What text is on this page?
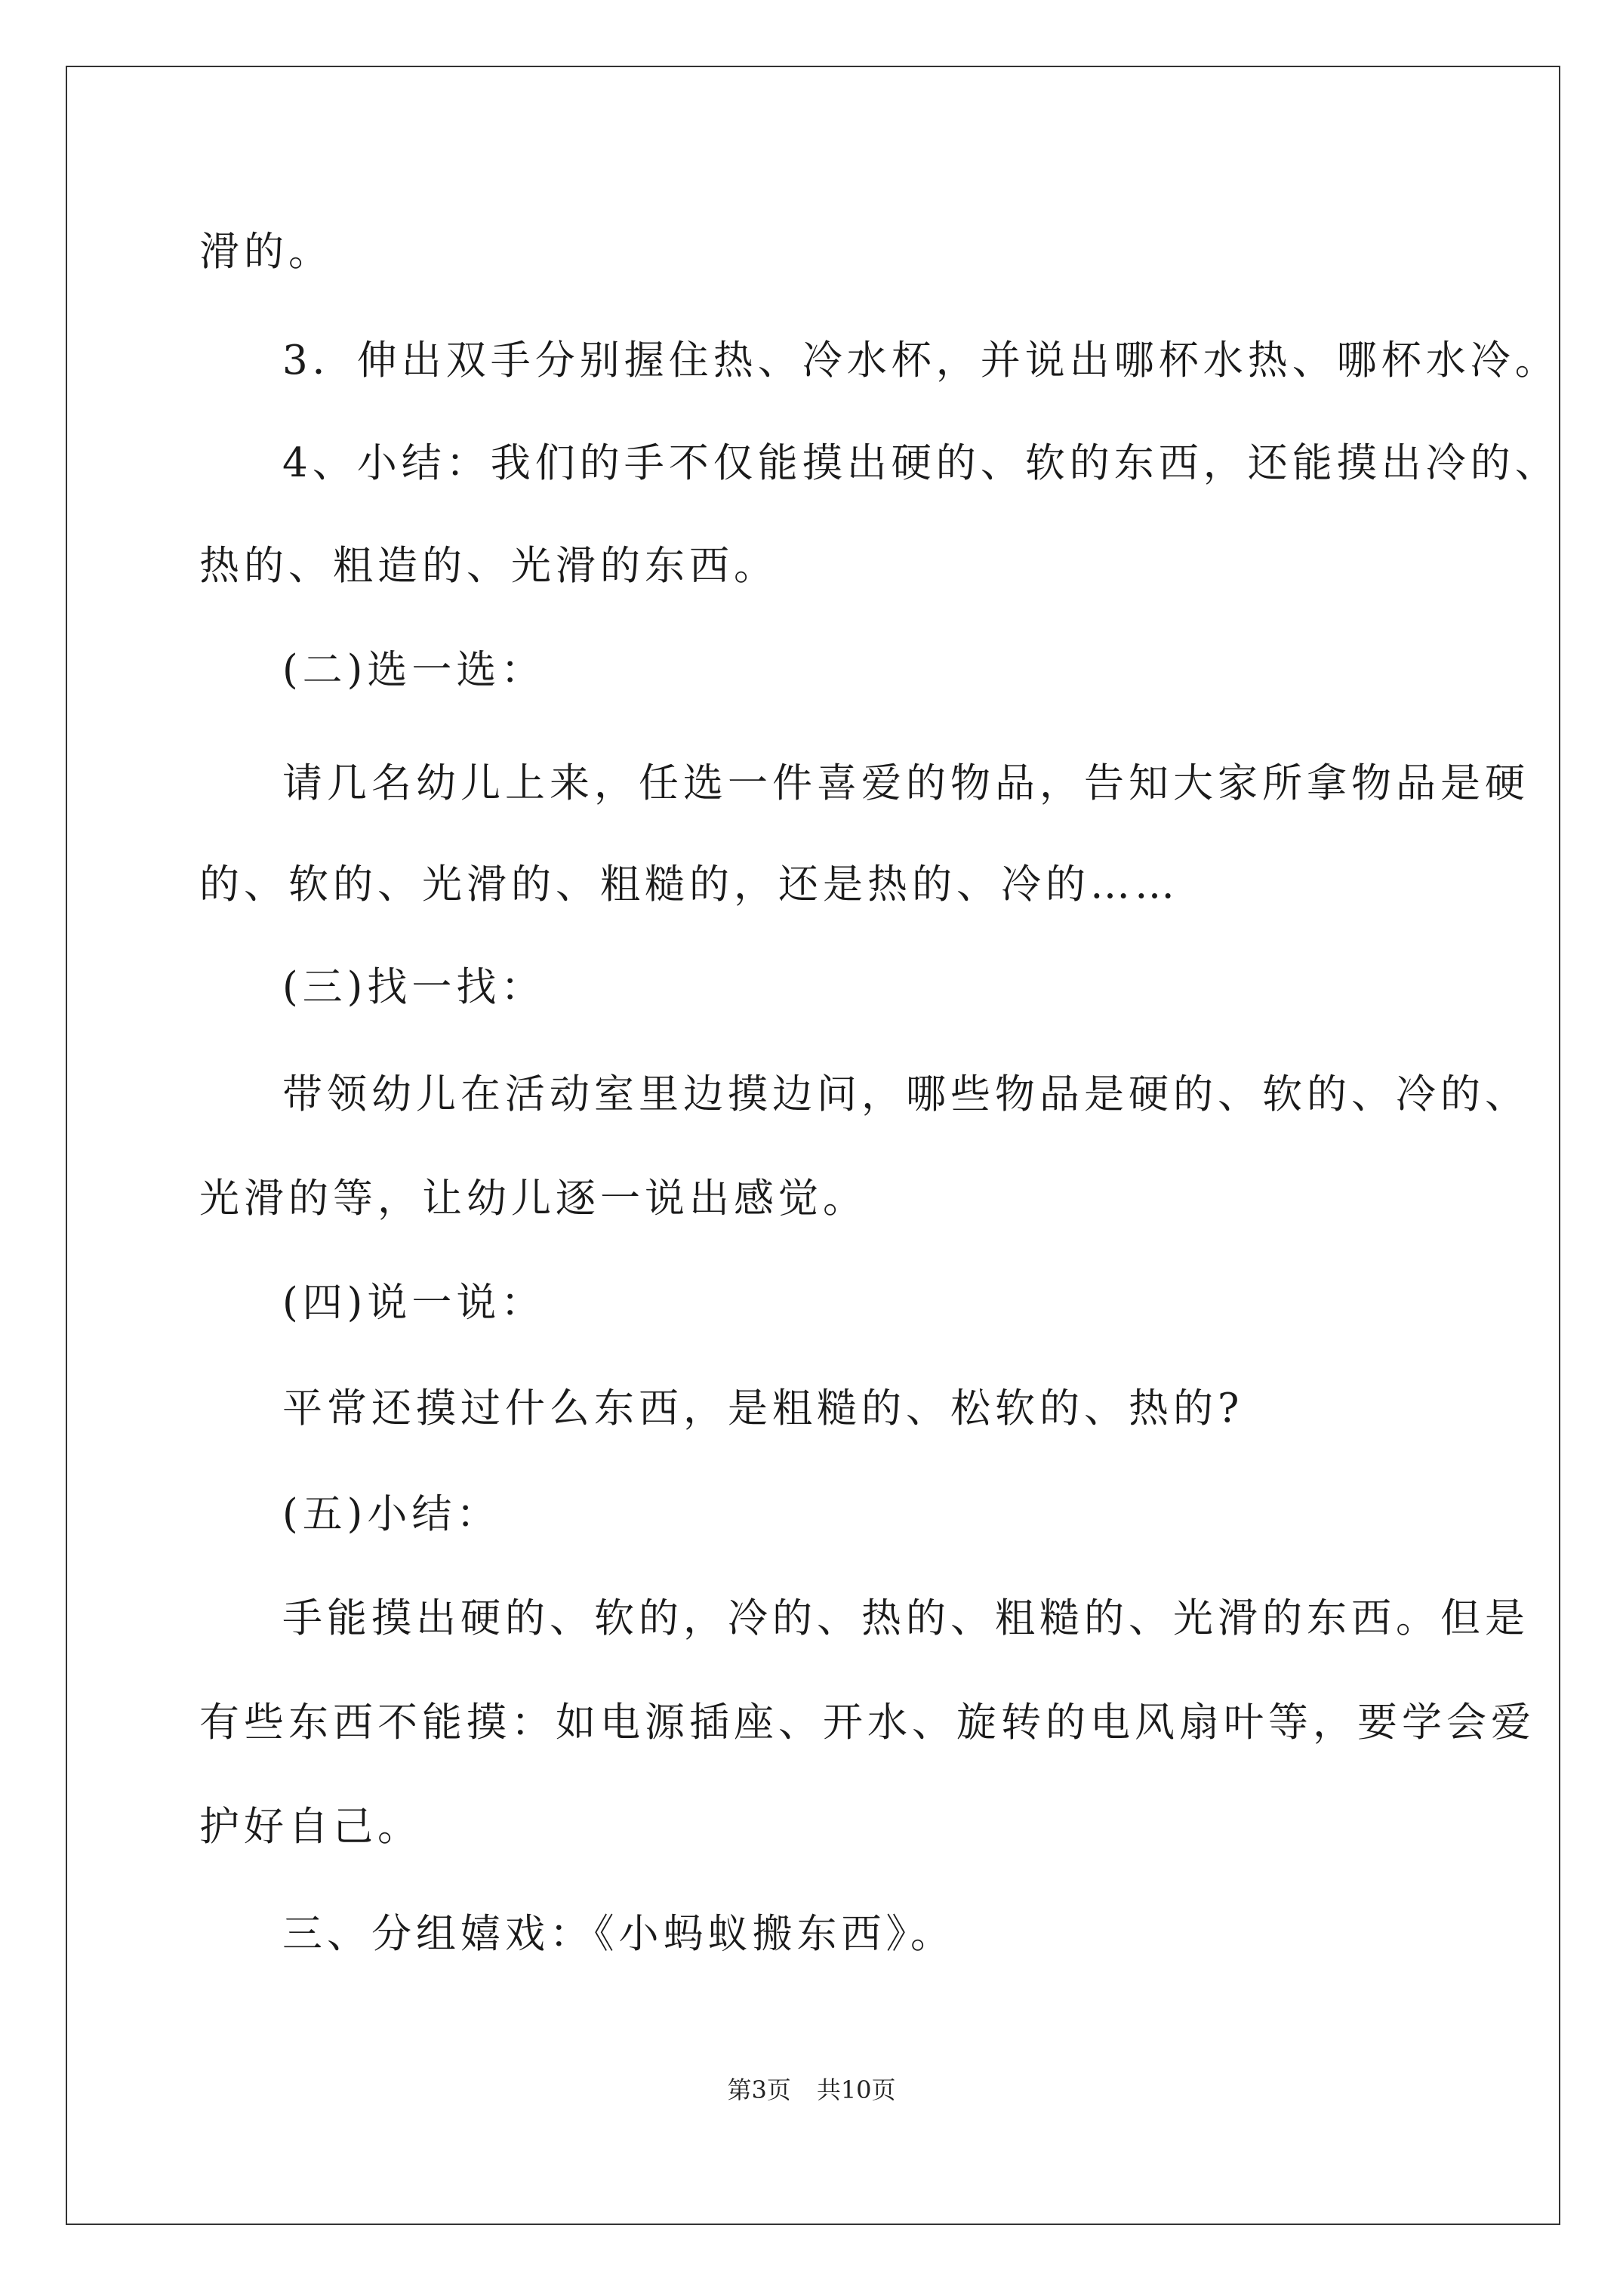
滑的。
3．伸出双手分别握住热、冷水杯，并说出哪杯水热、哪杯水冷。
4、小结：我们的手不仅能摸出硬的、软的东西，还能摸出冷的、
热的、粗造的、光滑的东西。
(二)选一选：
请几名幼儿上来，任选一件喜爱的物品，告知大家所拿物品是硬
的、软的、光滑的、粗糙的，还是热的、冷的……
(三)找一找：
带领幼儿在活动室里边摸边问，哪些物品是硬的、软的、冷的、
光滑的等，让幼儿逐一说出感觉。
(四)说一说：
平常还摸过什么东西，是粗糙的、松软的、热的?
(五)小结：
手能摸出硬的、软的，冷的、热的、粗糙的、光滑的东西。但是
有些东西不能摸：如电源插座、开水、旋转的电风扇叶等，要学会爱
护好自己。
三、分组嬉戏：《小蚂蚁搬东西》。
第3页 共10页
